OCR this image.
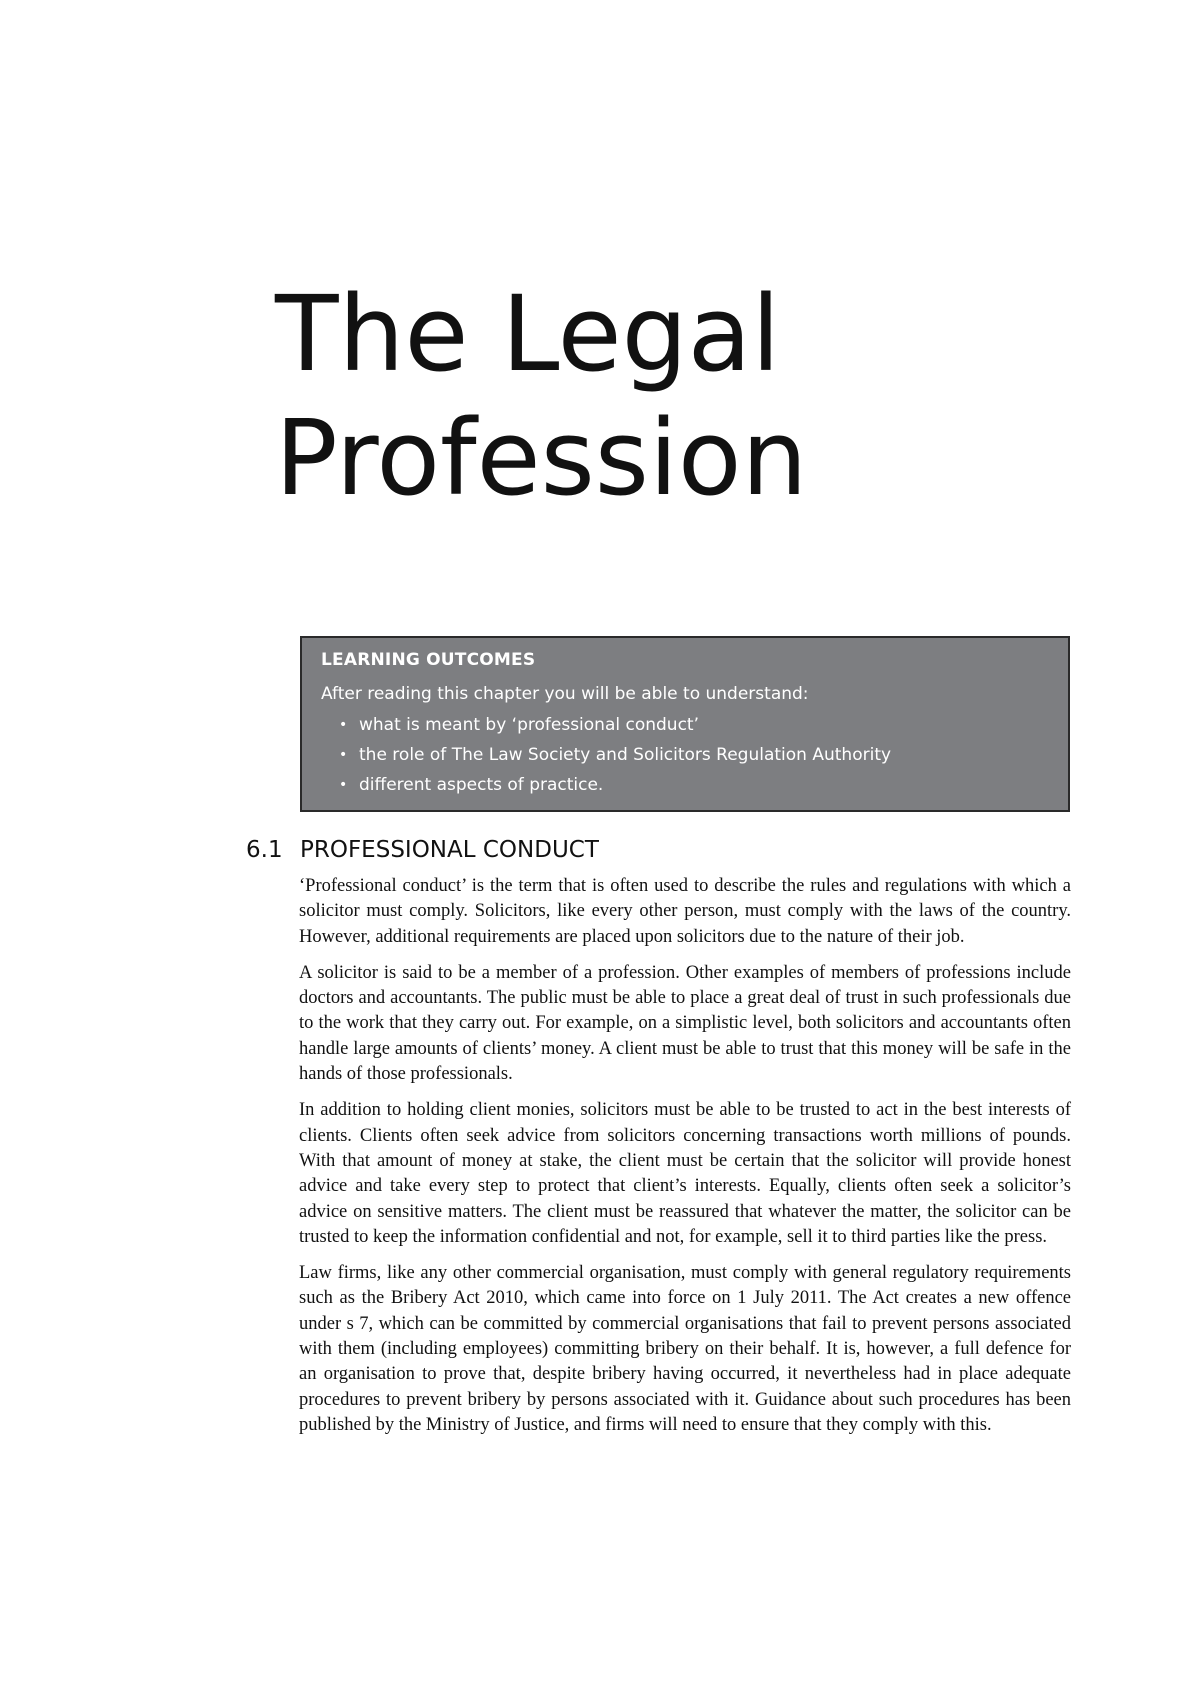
The Legal
Profession
LEARNING OUTCOMES
After reading this chapter you will be able to understand:
• what is meant by ‘professional conduct’
• the role of The Law Society and Solicitors Regulation Authority
• different aspects of practice.
6.1 PROFESSIONAL CONDUCT

‘Professional conduct’ is the term that is often used to describe the rules and regulations with which a solicitor must comply. Solicitors, like every other person, must comply with the laws of the country. However, additional requirements are placed upon solicitors due to the nature of their job.

A solicitor is said to be a member of a profession. Other examples of members of professions include doctors and accountants. The public must be able to place a great deal of trust in such professionals due to the work that they carry out. For example, on a simplistic level, both solicitors and accountants often handle large amounts of clients’ money. A client must be able to trust that this money will be safe in the hands of those professionals.

In addition to holding client monies, solicitors must be able to be trusted to act in the best interests of clients. Clients often seek advice from solicitors concerning transactions worth millions of pounds. With that amount of money at stake, the client must be certain that the solicitor will provide honest advice and take every step to protect that client’s interests. Equally, clients often seek a solicitor’s advice on sensitive matters. The client must be reassured that whatever the matter, the solicitor can be trusted to keep the information confidential and not, for example, sell it to third parties like the press.

Law firms, like any other commercial organisation, must comply with general regulatory requirements such as the Bribery Act 2010, which came into force on 1 July 2011. The Act creates a new offence under s 7, which can be committed by commercial organisations that fail to prevent persons associated with them (including employees) committing bribery on their behalf. It is, however, a full defence for an organisation to prove that, despite bribery having occurred, it nevertheless had in place adequate procedures to prevent bribery by persons associated with it. Guidance about such procedures has been published by the Ministry of Justice, and firms will need to ensure that they comply with this.
